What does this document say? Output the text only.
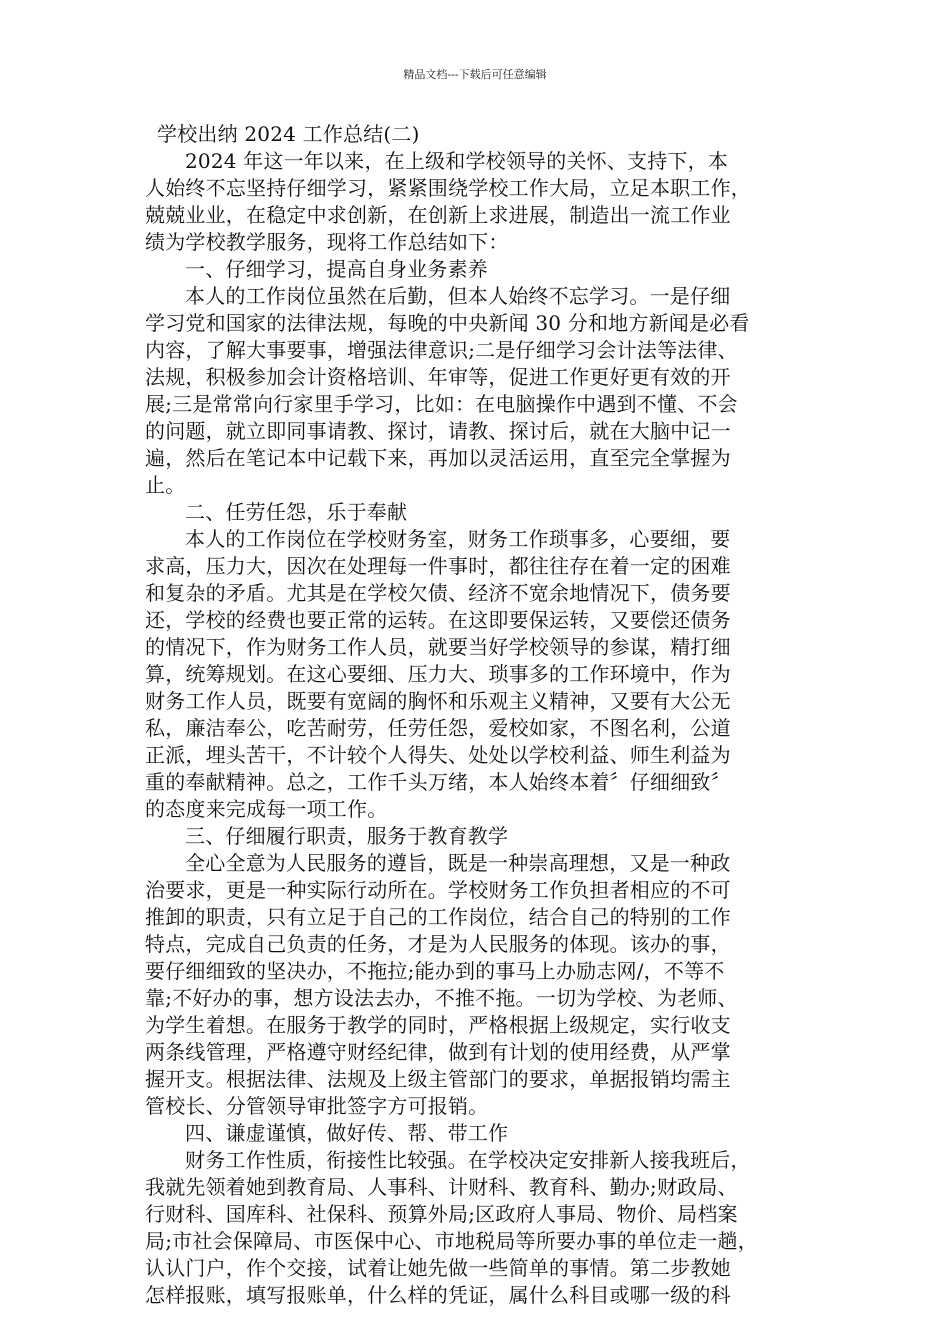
精品文档---下载后可任意编辑
学校出纳 2024 工作总结(二)
2024 年这一年以来，在上级和学校领导的关怀、支持下，本
人始终不忘坚持仔细学习，紧紧围绕学校工作大局，立足本职工作，
兢兢业业，在稳定中求创新，在创新上求进展，制造出一流工作业
绩为学校教学服务，现将工作总结如下：
一、仔细学习，提高自身业务素养
本人的工作岗位虽然在后勤，但本人始终不忘学习。一是仔细
学习党和国家的法律法规，每晚的中央新闻 30 分和地方新闻是必看
内容，了解大事要事，增强法律意识;二是仔细学习会计法等法律、
法规，积极参加会计资格培训、年审等，促进工作更好更有效的开
展;三是常常向行家里手学习，比如：在电脑操作中遇到不懂、不会
的问题，就立即同事请教、探讨，请教、探讨后，就在大脑中记一
遍，然后在笔记本中记载下来，再加以灵活运用，直至完全掌握为
止。
二、任劳任怨，乐于奉献
本人的工作岗位在学校财务室，财务工作琐事多，心要细，要
求高，压力大，因次在处理每一件事时，都往往存在着一定的困难
和复杂的矛盾。尤其是在学校欠债、经济不宽余地情况下，债务要
还，学校的经费也要正常的运转。在这即要保运转，又要偿还债务
的情况下，作为财务工作人员，就要当好学校领导的参谋，精打细
算，统筹规划。在这心要细、压力大、琐事多的工作环境中，作为
财务工作人员，既要有宽阔的胸怀和乐观主义精神，又要有大公无
私，廉洁奉公，吃苦耐劳，任劳任怨，爱校如家，不图名利，公道
正派，埋头苦干，不计较个人得失、处处以学校利益、师生利益为
重的奉献精神。总之，工作千头万绪，本人始终本着〞仔细细致〞
的态度来完成每一项工作。
三、仔细履行职责，服务于教育教学
全心全意为人民服务的遵旨，既是一种崇高理想，又是一种政
治要求，更是一种实际行动所在。学校财务工作负担者相应的不可
推卸的职责，只有立足于自己的工作岗位，结合自己的特别的工作
特点，完成自己负责的任务，才是为人民服务的体现。该办的事，
要仔细细致的坚决办，不拖拉;能办到的事马上办励志网/，不等不
靠;不好办的事，想方设法去办，不推不拖。一切为学校、为老师、
为学生着想。在服务于教学的同时，严格根据上级规定，实行收支
两条线管理，严格遵守财经纪律，做到有计划的使用经费，从严掌
握开支。根据法律、法规及上级主管部门的要求，单据报销均需主
管校长、分管领导审批签字方可报销。
四、谦虚谨慎，做好传、帮、带工作
财务工作性质，衔接性比较强。在学校决定安排新人接我班后，
我就先领着她到教育局、人事科、计财科、教育科、勤办;财政局、
行财科、国库科、社保科、预算外局;区政府人事局、物价、局档案
局;市社会保障局、市医保中心、市地税局等所要办事的单位走一趟，
认认门户，作个交接，试着让她先做一些简单的事情。第二步教她
怎样报账，填写报账单，什么样的凭证，属什么科目或哪一级的科
